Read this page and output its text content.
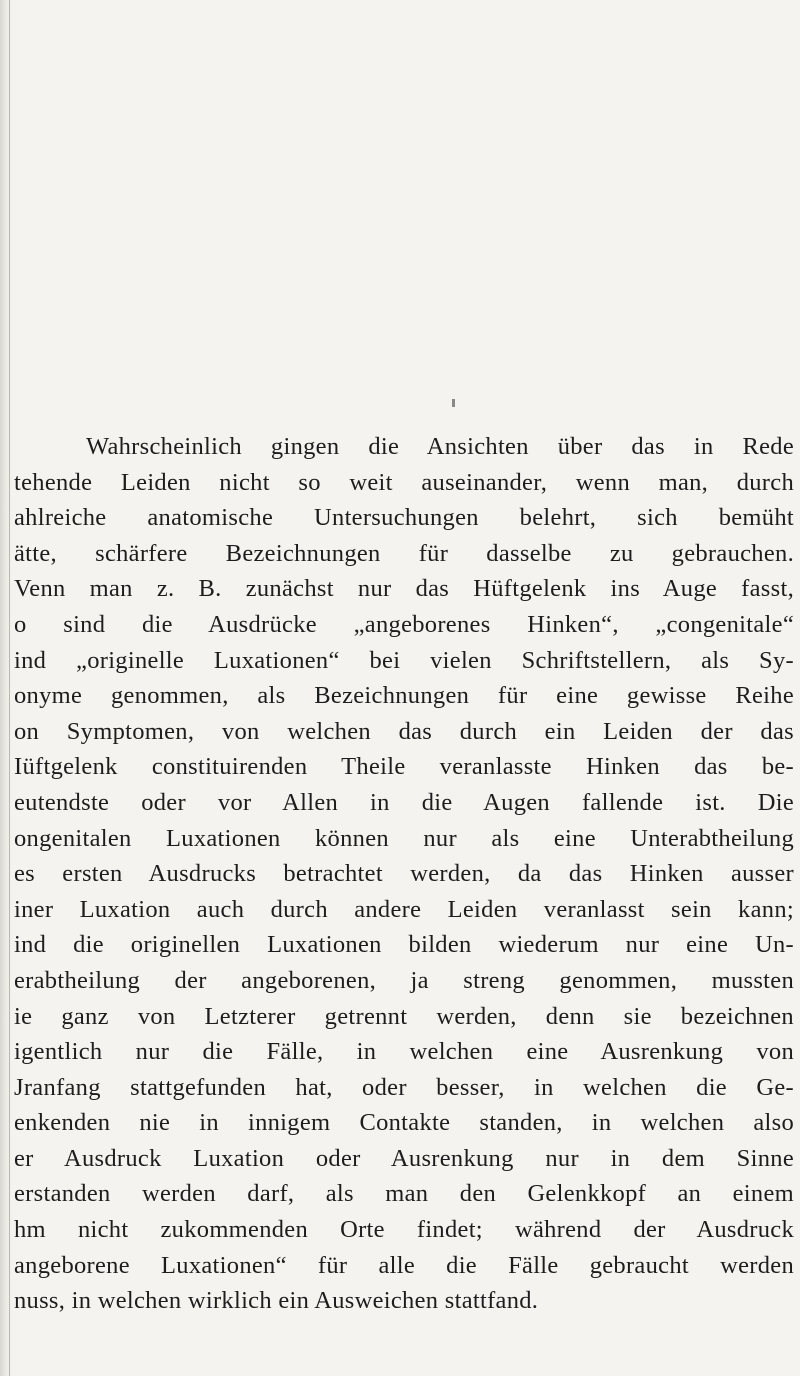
Wahrscheinlich gingen die Ansichten über das in Rede
tehende Leiden nicht so weit auseinander, wenn man, durch
ahlreiche anatomische Untersuchungen belehrt, sich bemüht
ätte, schärfere Bezeichnungen für dasselbe zu gebrauchen.
Venn man z. B. zunächst nur das Hüftgelenk ins Auge fasst,
o sind die Ausdrücke „angeborenes Hinken“, „congenitale“
ind „originelle Luxationen“ bei vielen Schriftstellern, als Sy-
onyme genommen, als Bezeichnungen für eine gewisse Reihe
on Symptomen, von welchen das durch ein Leiden der das
Iüftgelenk constituirenden Theile veranlasste Hinken das be-
eutendste oder vor Allen in die Augen fallende ist. Die
ongenitalen Luxationen können nur als eine Unterabtheilung
es ersten Ausdrucks betrachtet werden, da das Hinken ausser
iner Luxation auch durch andere Leiden veranlasst sein kann;
ind die originellen Luxationen bilden wiederum nur eine Un-
erabtheilung der angeborenen, ja streng genommen, mussten
ie ganz von Letzterer getrennt werden, denn sie bezeichnen
igentlich nur die Fälle, in welchen eine Ausrenkung von
Jranfang stattgefunden hat, oder besser, in welchen die Ge-
enkenden nie in innigem Contakte standen, in welchen also
er Ausdruck Luxation oder Ausrenkung nur in dem Sinne
erstanden werden darf, als man den Gelenkkopf an einem
hm nicht zukommenden Orte findet; während der Ausdruck
angeborene Luxationen“ für alle die Fälle gebraucht werden
nuss, in welchen wirklich ein Ausweichen stattfand.
